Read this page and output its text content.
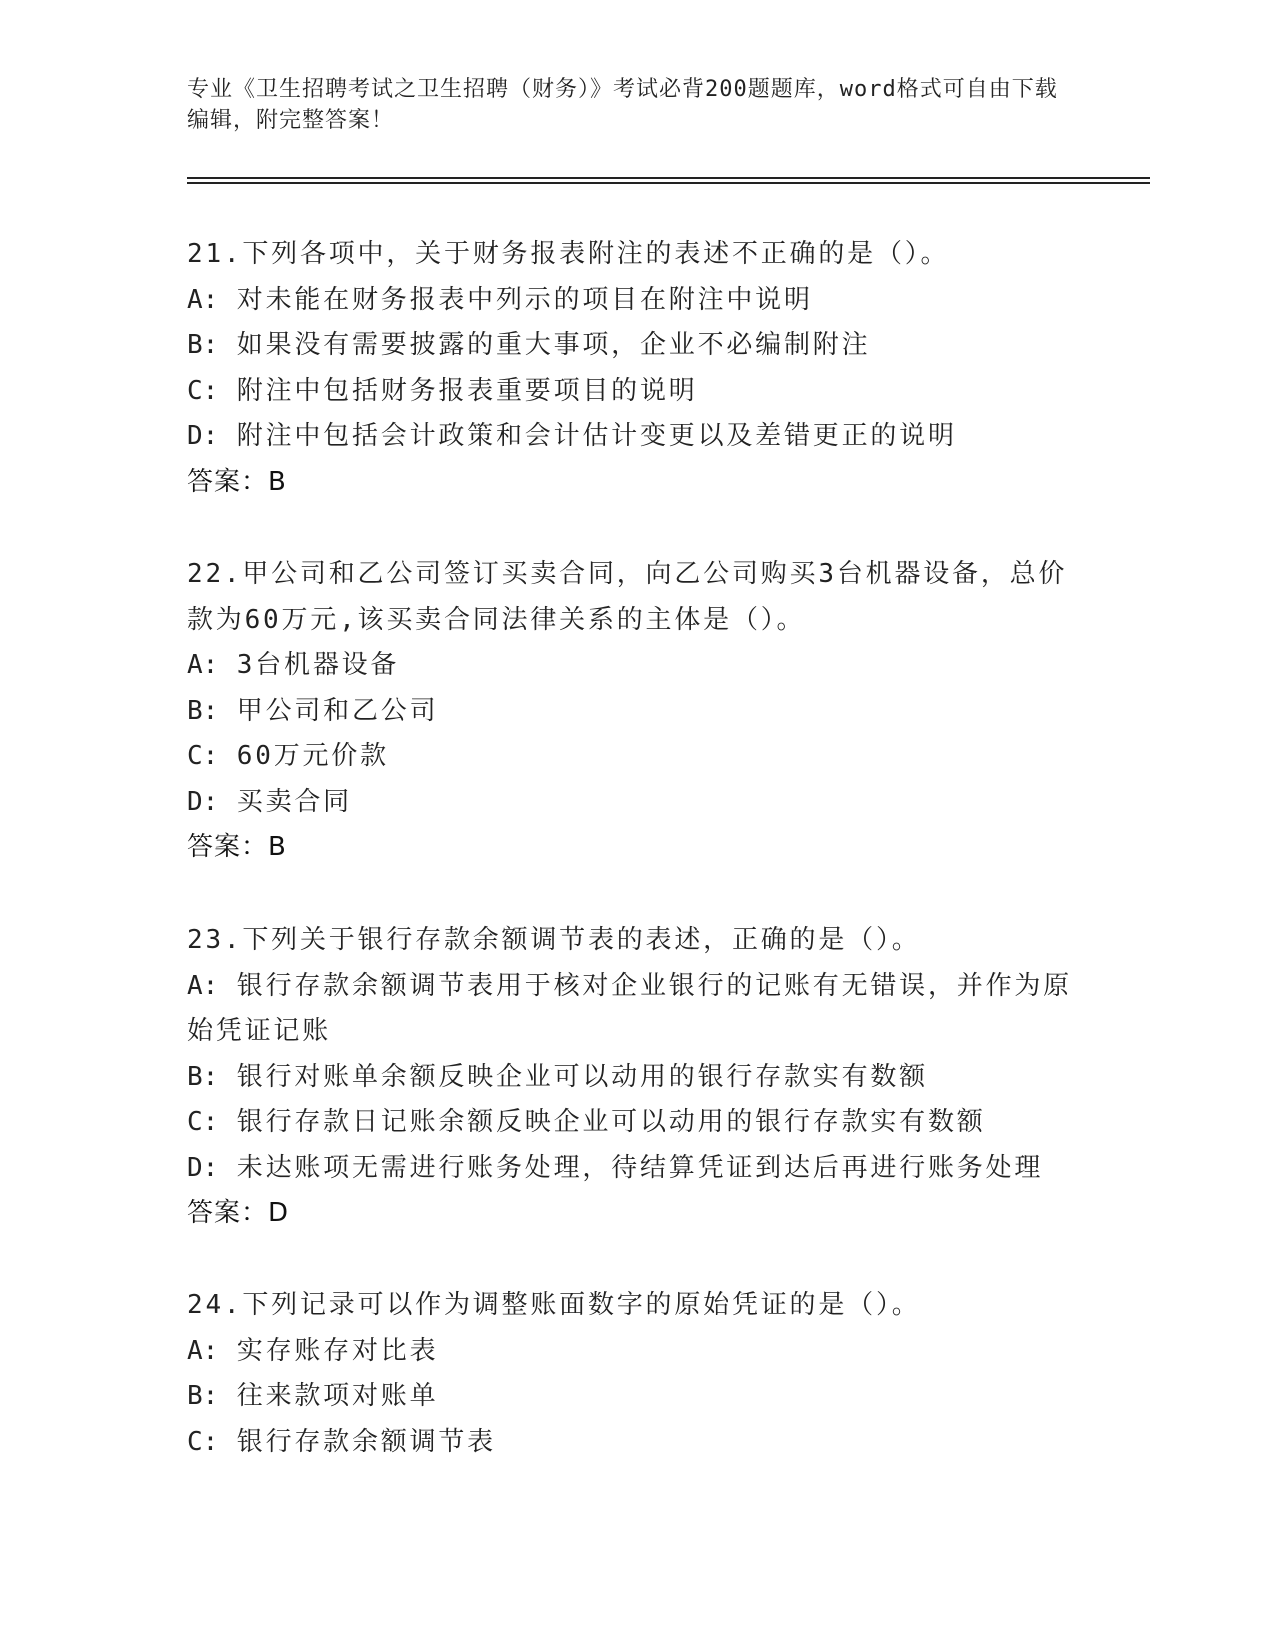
专业《卫生招聘考试之卫生招聘（财务）》考试必背200题题库，word格式可自由下载编辑，附完整答案！

21.下列各项中，关于财务报表附注的表述不正确的是（）。

A: 对未能在财务报表中列示的项目在附注中说明

B: 如果没有需要披露的重大事项，企业不必编制附注

C: 附注中包括财务报表重要项目的说明

D: 附注中包括会计政策和会计估计变更以及差错更正的说明

答案：B

22.甲公司和乙公司签订买卖合同，向乙公司购买3台机器设备，总价款为60万元,该买卖合同法律关系的主体是（）。

A: 3台机器设备

B: 甲公司和乙公司

C: 60万元价款

D: 买卖合同

答案：B

23.下列关于银行存款余额调节表的表述，正确的是（）。

A: 银行存款余额调节表用于核对企业银行的记账有无错误，并作为原始凭证记账

B: 银行对账单余额反映企业可以动用的银行存款实有数额

C: 银行存款日记账余额反映企业可以动用的银行存款实有数额

D: 未达账项无需进行账务处理，待结算凭证到达后再进行账务处理

答案：D

24.下列记录可以作为调整账面数字的原始凭证的是（）。

A: 实存账存对比表

B: 往来款项对账单

C: 银行存款余额调节表
